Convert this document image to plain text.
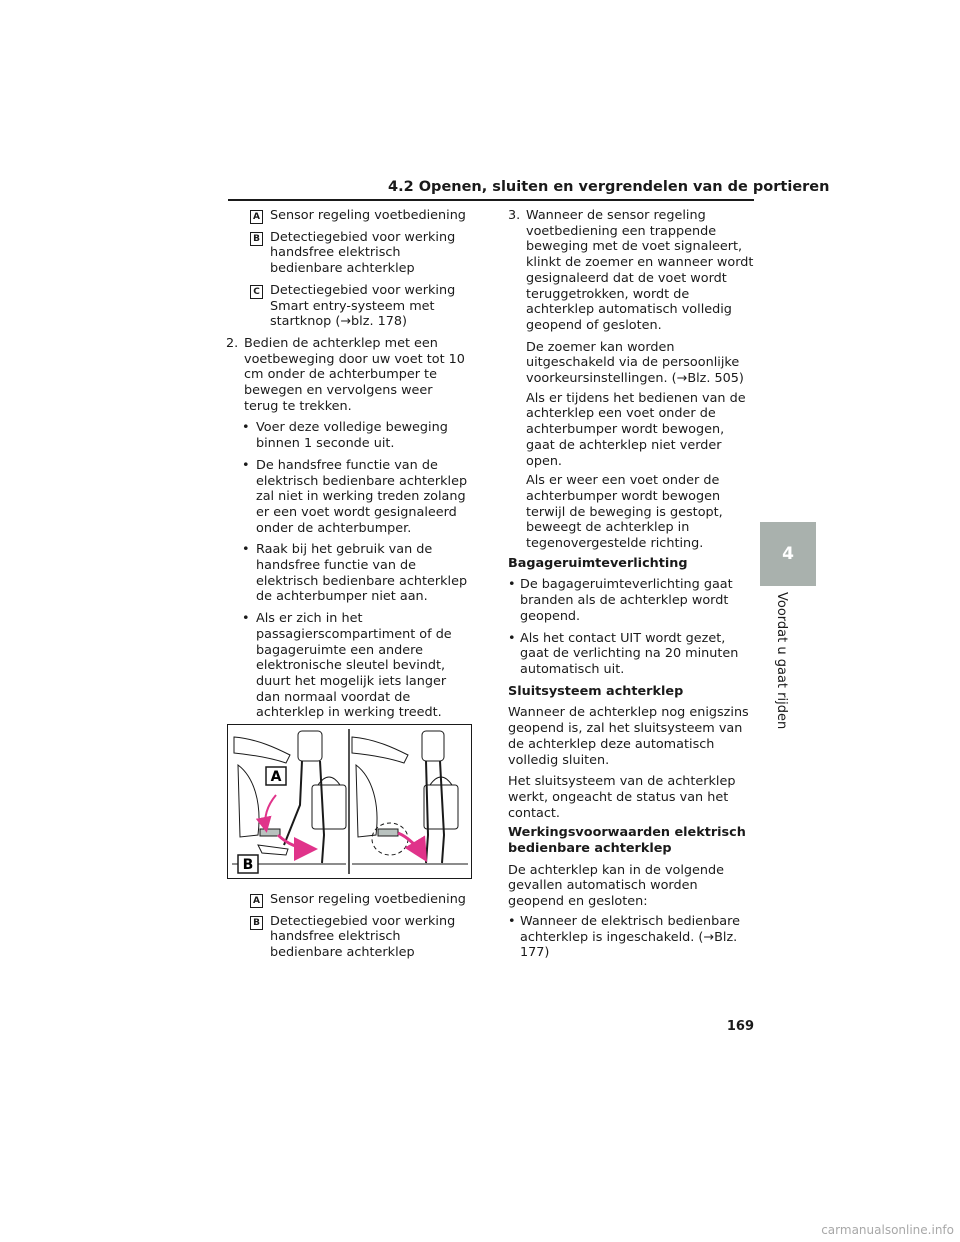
4.2 Openen, sluiten en vergrendelen van de portieren
A Sensor regeling voetbediening
B Detectiegebied voor werking handsfree elektrisch bedienbare achterklep
C Detectiegebied voor werking Smart entry-systeem met startknop (→blz. 178)
2. Bedien de achterklep met een voetbeweging door uw voet tot 10 cm onder de achterbumper te bewegen en vervolgens weer terug te trekken.
• Voer deze volledige beweging binnen 1 seconde uit.
• De handsfree functie van de elektrisch bedienbare achterklep zal niet in werking treden zolang er een voet wordt gesignaleerd onder de achterbumper.
• Raak bij het gebruik van de handsfree functie van de elektrisch bedienbare achterklep de achterbumper niet aan.
• Als er zich in het passagierscompartiment of de bagageruimte een andere elektronische sleutel bevindt, duurt het mogelijk iets langer dan normaal voordat de achterklep in werking treedt.
A
B
A Sensor regeling voetbediening
B Detectiegebied voor werking handsfree elektrisch bedienbare achterklep
3. Wanneer de sensor regeling voetbediening een trappende beweging met de voet signaleert, klinkt de zoemer en wanneer wordt gesignaleerd dat de voet wordt teruggetrokken, wordt de achterklep automatisch volledig geopend of gesloten.
De zoemer kan worden uitgeschakeld via de persoonlijke voorkeursinstellingen. (→Blz. 505)
Als er tijdens het bedienen van de achterklep een voet onder de achterbumper wordt bewogen, gaat de achterklep niet verder open.
Als er weer een voet onder de achterbumper wordt bewogen terwijl de beweging is gestopt, beweegt de achterklep in tegenovergestelde richting.
Bagageruimteverlichting
• De bagageruimteverlichting gaat branden als de achterklep wordt geopend.
• Als het contact UIT wordt gezet, gaat de verlichting na 20 minuten automatisch uit.
Sluitsysteem achterklep
Wanneer de achterklep nog enigszins geopend is, zal het sluitsysteem van de achterklep deze automatisch volledig sluiten.
Het sluitsysteem van de achterklep werkt, ongeacht de status van het contact.
Werkingsvoorwaarden elektrisch bedienbare achterklep
De achterklep kan in de volgende gevallen automatisch worden geopend en gesloten:
• Wanneer de elektrisch bedienbare achterklep is ingeschakeld. (→Blz. 177)
4
Voordat u gaat rijden
169
carmanualsonline.info
